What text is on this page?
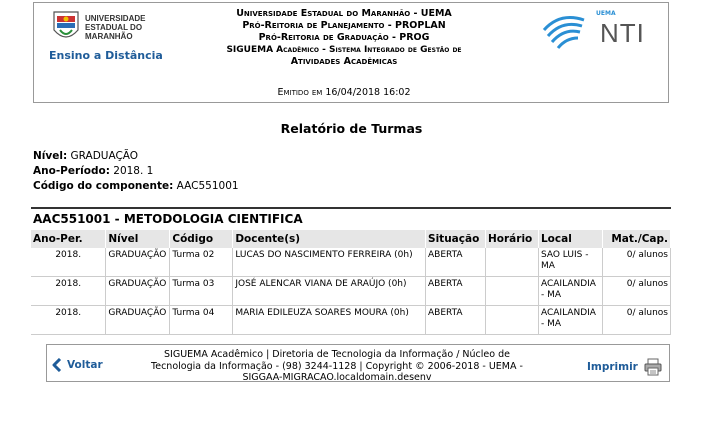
UNIVERSIDADE
ESTADUAL DO
MARANHÃO
Ensino a Distância
Universidade Estadual do Maranhão - UEMA
Pró-Reitoria de Planejamento - PROPLAN
Pró-Reitoria de Graduação - PROG
SIGUEMA Acadêmico - Sistema Integrado de Gestão de
Atividades Acadêmicas
Emitido em 16/04/2018 16:02
UEMA
NTI
Relatório de Turmas
Nível: GRADUAÇÃO
Ano-Período: 2018. 1
Código do componente: AAC551001
AAC551001 - METODOLOGIA CIENTIFICA
Ano-Per.	Nível	Código	Docente(s)	Situação	Horário	Local	Mat./Cap.
2018.	GRADUAÇÃO	Turma 02	LUCAS DO NASCIMENTO FERREIRA (0h)	ABERTA		SAO LUIS - MA	0/ alunos
2018.	GRADUAÇÃO	Turma 03	JOSÉ ALENCAR VIANA DE ARAÚJO (0h)	ABERTA		ACAILANDIA - MA	0/ alunos
2018.	GRADUAÇÃO	Turma 04	MARIA EDILEUZA SOARES MOURA (0h)	ABERTA		ACAILANDIA - MA	0/ alunos
Voltar
SIGUEMA Acadêmico | Diretoria de Tecnologia da Informação / Núcleo de
Tecnologia da Informação - (98) 3244-1128 | Copyright © 2006-2018 - UEMA -
SIGGAA-MIGRACAO.localdomain.desenv
Imprimir
